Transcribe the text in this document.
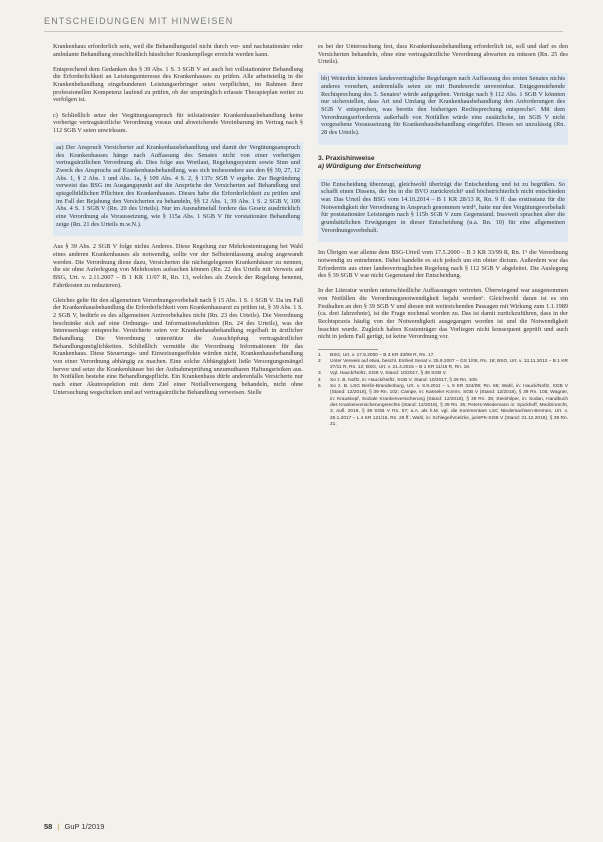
ENTSCHEIDUNGEN MIT HINWEISEN

Krankenhaus erforderlich sein, weil die Behandlungsziel nicht durch vor- und nachstationäre oder ambulante Behandlung einschließlich häuslicher Krankenpflege erreicht werden kann.

Entsprechend dem Gedanken des § 39 Abs. 1 S. 3 SGB V sei auch bei vollstationärer Behandlung die Erforderlichkeit an Leistungsinteresse des Krankenhauses zu prüfen. Alle arbeitsteilig in die Krankenbehandlung eingebundenen Leistungserbringer seien verpflichtet, im Rahmen ihrer professionellen Kompetenz laufend zu prüfen, ob der ursprünglich erfasste Therapieplan weiter zu verfolgen ist.

c) Schließlich setze der Vergütungsanspruch für teilstationäre Krankenhausbehandlung keine vorherige vertragsärztliche Verordnung voraus und abweichende Vereinbarung im Vertrag nach § 112 SGB V seien unwirksam.

aa) Der Anspruch Versicherter auf Krankenhausbehandlung und damit der Vergütungsanspruch des Krankenhauses hänge nach Auffassung des Senates nicht von einer vorherigen vertragsärztlichen Verordnung ab. Dies folge aus Wortlaut, Regelungssystem sowie Sinn und Zweck des Anspruchs auf Krankenhausbehandlung, was sich insbesondere aus den §§ 39, 27, 12 Abs. 1, § 2 Abs. 1 und Abs. 1a, § 109 Abs. 4 S. 2, § 137c SGB V ergebe. Zur Begründung verweist das BSG im Ausgangspunkt auf die Ansprüche der Versicherten auf Behandlung und spiegelbildlichen Pflichten des Krankenhauses. Dieses habe die Erforderlichkeit zu prüfen und im Fall der Bejahung den Versicherten zu behandeln, §§ 12 Abs. 1, 39 Abs. 1 S. 2 SGB V, 109 Abs. 4 S. 1 SGB V (Rn. 20 des Urteils). Nur im Ausnahmefall fordere das Gesetz ausdrücklich eine Verordnung als Voraussetzung, wie § 115a Abs. 1 SGB V für vorstationäre Behandlung zeige (Rn. 21 des Urteils m.w.N.).

Aus § 39 Abs. 2 SGB V folge nichts Anderes. Diese Regelung zur Mehrkostentragung bei Wahl eines anderen Krankenhauses als notwendig, sollte vor der Selbstentlassung analog angewandt werden. Die Verordnung diene dazu, Versicherten die nächstgelegenen Krankenhäuser zu nennen, die sie ohne Auferlegung von Mehrkosten aufsuchen können (Rn. 22 des Urteils mit Verweis auf BSG, Urt. v. 2.11.2007 – B 1 KR 11/07 R, Rn. 13, welches als Zweck der Regelung benennt, Fahrtkosten zu reduzieren).

Gleiches gelte für den allgemeinen Verordnungsvorbehalt nach § 15 Abs. 1 S. 1 SGB V. Da im Fall der Krankenhausbehandlung die Erforderlichkeit vom Krankenhausarzt zu prüfen ist, § 39 Abs. 1 S. 2 SGB V, bedürfe es des allgemeinen Arztvorbehaltes nicht (Rn. 23 des Urteils). Die Verordnung beschränke sich auf eine Ordnungs- und Informationsfunktion (Rn. 24 des Urteils), was der Interessenlage entspreche. Versicherte seien vor Krankenhausbehandlung regelhaft in ärztlicher Behandlung. Die Verordnung unterstütze die Ausschöpfung vertragsärztlicher Behandlungsmöglichkeiten. Schließlich vermittle die Verordnung Informationen für das Krankenhaus. Diese Steuerungs- und Einweisungseffekte würden nicht, Krankenhausbehandlung von einer Verordnung abhängig zu machen. Eine solche Abhängigkeit ließe Versorgungsmängel hervor und setze die Krankenhäuser bei der Aufnahmeprüfung unzumutbaren Haftungsrisiken aus. In Notfällen bestehe eine Behandlungspflicht. Ein Krankenhaus dürfe anderenfalls Versicherte nur nach einer Akutrespektion mit dem Ziel einer Notfallversorgung behandeln, nicht ohne Untersuchung wegschicken und auf vertragsärztliche Behandlung verweisen. Stelle

es bei der Untersuchung fest, dass Krankenhausbehandlung erforderlich ist, soll und darf es den Versicherten behandeln, ohne eine vertragsärztliche Verordnung abwarten zu müssen (Rn. 25 des Urteils).

bb) Weiterhin könnten landesvertragliche Regelungen nach Auffassung des ersten Senates nichts anderes vorsehen, anderenfalls seien sie mit Bundesrecht unvereinbar. Entgegenstehende Rechtsprechung des 3. Senates¹ würde aufgegeben. Verträge nach § 112 Abs. 1 SGB V könnten nur sicherstellen, dass Art und Umfang der Krankenhausbehandlung den Anforderungen des SGB V entsprechen, was bereits den bisherigen Rechtsprechung entspreche². Mit dem Verordnungserfordernis außerhalb von Notfällen würde eine zusätzliche, im SGB V nicht vorgesehene Voraussetzung für Krankenhausbehandlung eingeführt. Dieses sei unzulässig (Rn. 28 des Urteils).

3. Praxishinweise
a) Würdigung der Entscheidung

Die Entscheidung überzeugt, gleichwohl überträgt die Entscheidung und ist zu begrüßen. So schafft einen Dissens, der bis in die BVO zurückreicht³ und höchstrichterlich nicht entschieden war. Das Urteil des BSG vom 14.10.2014 – B 1 KR 28/13 R, Rn. 9 ff. das erstinstanz für die Notwendigkeit der Verordnung in Anspruch genommen wird⁴, hatte nur den Vergütungsvorbehalt für poststationäre Leistungen nach § 115b SGB V zum Gegenstand. Insoweit sprachen aber die grundsätzlichen Erwägungen in dieser Entscheidung (u.a. Rn. 10) für eine allgemeinen Verordnungsvorbehalt.

Im Übrigen war alleine dem BSG-Urteil vom 17.5.2000 – B 3 KR 33/99 R, Rn. 1⁵ die Verordnung notwendig zu entnehmen. Dabei handelte es sich jedoch um ein obiter dictum. Außerdem war das Erfordernis aus einer landesvertraglichen Regelung nach § 112 SGB V abgeleitet. Die Auslegung des § 39 SGB V war nicht Gegenstand der Entscheidung.

In der Literatur wurden unterschiedliche Auffassungen vertreten. Überwiegend war ausgenommen von Notfällen die Verordnungsnotwendigkeit bejaht worden⁶. Gleichwohl daran ist es ein Festhalten an den § 39 SGB V und diesen mit weitreichenden Passagen mit Wirkung zum 1.1.1989 (ca. drei Jahrzehnte), ist die Frage nochmal worden zu. Das ist damit zurückzuführen, dass in der Rechtspraxis häufig von der Notwendigkeit ausgegangen worden ist und die Notwendigkeit beachtet wurde. Zugleich haben Kostenträger das Vorliegen nicht konsequent geprüft und auch nicht in jedem Fall gerügt, ist keine Verordnung vor.

1	BSG, Urt. v. 17.5.2000 – B 3 KR 33/99 R, Rn. 17.
2	Unter Verweis auf etwa, beschl. Einheit Senat v. 25.9.2007 – GS 1/06, Rn. 18; BSG, Urt. v. 13.11.2012 – B 1 KR 27/11 R, Rn. 12; BSG, Urt. v. 21.4.2015 – B 1 KR 11/15 R, Rn. 18.
3	Vgl. Hauck/Noftz, SGB V, Stand: 10/2017, § 39 SGB V.
4	So z. B. Noftz, in: Hauck/Noftz, SGB V, Stand: 10/2017, § 39 Rn. 108.
5	So z. B. LSG Berlin-Brandenburg, Urt. v. 8.9.2011 – L 9 KR 324/08; Rn. 66; Wahl, in: Hauck/Noftz, SGB V (Stand: 12/2018), § 39 Rn. 102; Campe, in: Kasseler Komm. SGB V (Stand: 12/2018), § 39 Rn. 105; Wagner, in: Krauskopf, Soziale Krankenversicherung (Stand: 12/2018), § 39 Rn. 35; Steinhilper, in: Sodan, Handbuch des Krankenversicherungsrechts (Stand: 12/2018), § 39 Rn. 35; Peters-Wiedemann in: Spickhoff, Medizinrecht, 3. Aufl. 2018, § 39 SGB V Rn. 57; a.A. als h.M. vgl. die Kommentare LSC Niedersachsen-Bremen, Urt. v. 25.1.2017 – L 4 KR 121/15, Rn. 28 ff.; Wahl, in: Schlegel/Voelzke, jurisPK-SGB V (Stand: 31.12.2018), § 39 Rn. 21.
58 | GuP 1/2019
